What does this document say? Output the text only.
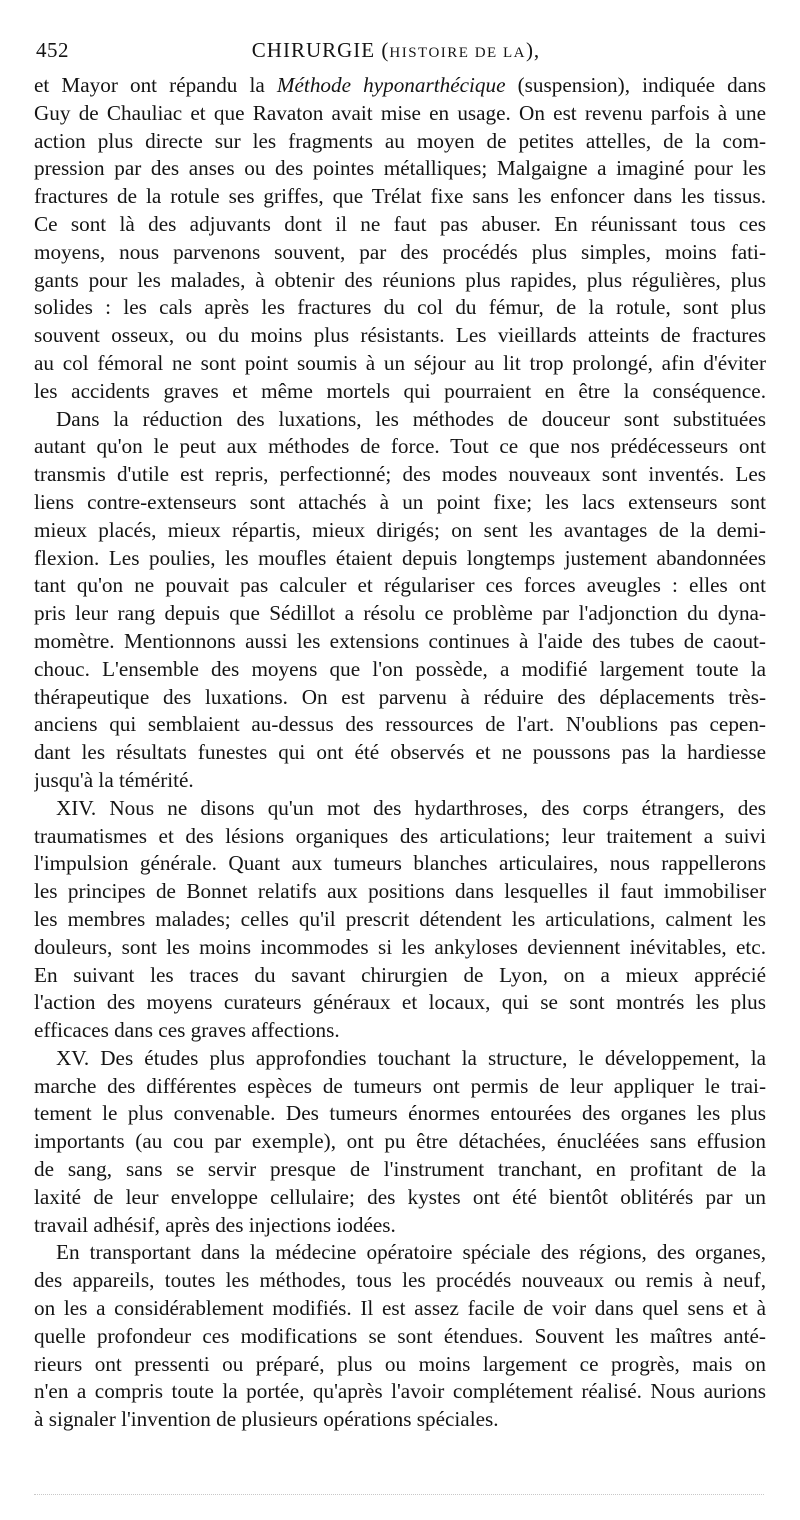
452	CHIRURGIE (HISTOIRE DE LA),
et Mayor ont répandu la Méthode hyponarthécique (suspension), indiquée dans
Guy de Chauliac et que Ravaton avait mise en usage. On est revenu parfois à une
action plus directe sur les fragments au moyen de petites attelles, de la com-
pression par des anses ou des pointes métalliques; Malgaigne a imaginé pour les
fractures de la rotule ses griffes, que Trélat fixe sans les enfoncer dans les tissus.
Ce sont là des adjuvants dont il ne faut pas abuser. En réunissant tous ces
moyens, nous parvenons souvent, par des procédés plus simples, moins fati-
gants pour les malades, à obtenir des réunions plus rapides, plus régulières, plus
solides : les cals après les fractures du col du fémur, de la rotule, sont plus
souvent osseux, ou du moins plus résistants. Les vieillards atteints de fractures
au col fémoral ne sont point soumis à un séjour au lit trop prolongé, afin d'éviter
les accidents graves et même mortels qui pourraient en être la conséquence.
Dans la réduction des luxations, les méthodes de douceur sont substituées
autant qu'on le peut aux méthodes de force. Tout ce que nos prédécesseurs ont
transmis d'utile est repris, perfectionné; des modes nouveaux sont inventés. Les
liens contre-extenseurs sont attachés à un point fixe; les lacs extenseurs sont
mieux placés, mieux répartis, mieux dirigés; on sent les avantages de la demi-
flexion. Les poulies, les moufles étaient depuis longtemps justement abandonnées
tant qu'on ne pouvait pas calculer et régulariser ces forces aveugles : elles ont
pris leur rang depuis que Sédillot a résolu ce problème par l'adjonction du dyna-
momètre. Mentionnons aussi les extensions continues à l'aide des tubes de caout-
chouc. L'ensemble des moyens que l'on possède, a modifié largement toute la
thérapeutique des luxations. On est parvenu à réduire des déplacements très-
anciens qui semblaient au-dessus des ressources de l'art. N'oublions pas cepen-
dant les résultats funestes qui ont été observés et ne poussons pas la hardiesse
jusqu'à la témérité.
XIV. Nous ne disons qu'un mot des hydarthroses, des corps étrangers, des
traumatismes et des lésions organiques des articulations; leur traitement a suivi
l'impulsion générale. Quant aux tumeurs blanches articulaires, nous rappellerons
les principes de Bonnet relatifs aux positions dans lesquelles il faut immobiliser
les membres malades; celles qu'il prescrit détendent les articulations, calment les
douleurs, sont les moins incommodes si les ankyloses deviennent inévitables, etc.
En suivant les traces du savant chirurgien de Lyon, on a mieux apprécié
l'action des moyens curateurs généraux et locaux, qui se sont montrés les plus
efficaces dans ces graves affections.
XV. Des études plus approfondies touchant la structure, le développement, la
marche des différentes espèces de tumeurs ont permis de leur appliquer le trai-
tement le plus convenable. Des tumeurs énormes entourées des organes les plus
importants (au cou par exemple), ont pu être détachées, énucléées sans effusion
de sang, sans se servir presque de l'instrument tranchant, en profitant de la
laxité de leur enveloppe cellulaire; des kystes ont été bientôt oblitérés par un
travail adhésif, après des injections iodées.
En transportant dans la médecine opératoire spéciale des régions, des organes,
des appareils, toutes les méthodes, tous les procédés nouveaux ou remis à neuf,
on les a considérablement modifiés. Il est assez facile de voir dans quel sens et à
quelle profondeur ces modifications se sont étendues. Souvent les maîtres anté-
rieurs ont pressenti ou préparé, plus ou moins largement ce progrès, mais on
n'en a compris toute la portée, qu'après l'avoir complétement réalisé. Nous aurions
à signaler l'invention de plusieurs opérations spéciales.
